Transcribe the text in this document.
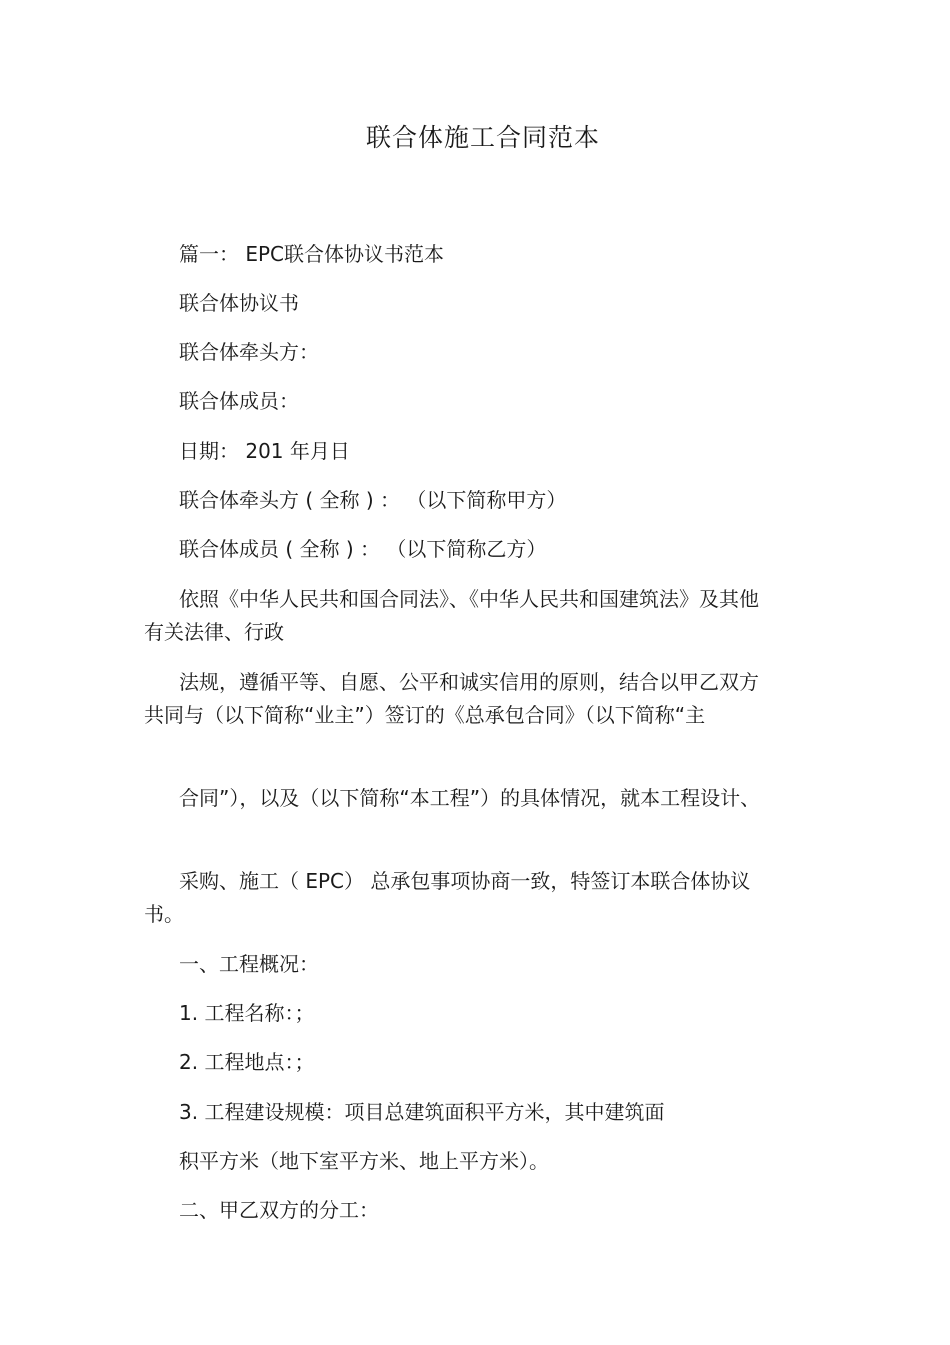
联合体施工合同范本

篇一： EPC联合体协议书范本

联合体协议书

联合体牵头方：

联合体成员：

日期： 201 年月日

联合体牵头方 ( 全称 ) ： （以下简称甲方）

联合体成员 ( 全称 ) ： （以下简称乙方）

依照《中华人民共和国合同法》、《中华人民共和国建筑法》及其他有关法律、行政

法规，遵循平等、自愿、公平和诚实信用的原则，结合以甲乙双方共同与（以下简称“业主”）签订的《总承包合同》（以下简称“主

合同”），以及（以下简称“本工程”）的具体情况，就本工程设计、

采购、施工（ EPC） 总承包事项协商一致，特签订本联合体协议书。

一、工程概况：

1. 工程名称：；

2. 工程地点：；

3. 工程建设规模：项目总建筑面积平方米，其中建筑面

积平方米（地下室平方米、地上平方米）。

二、甲乙双方的分工：
